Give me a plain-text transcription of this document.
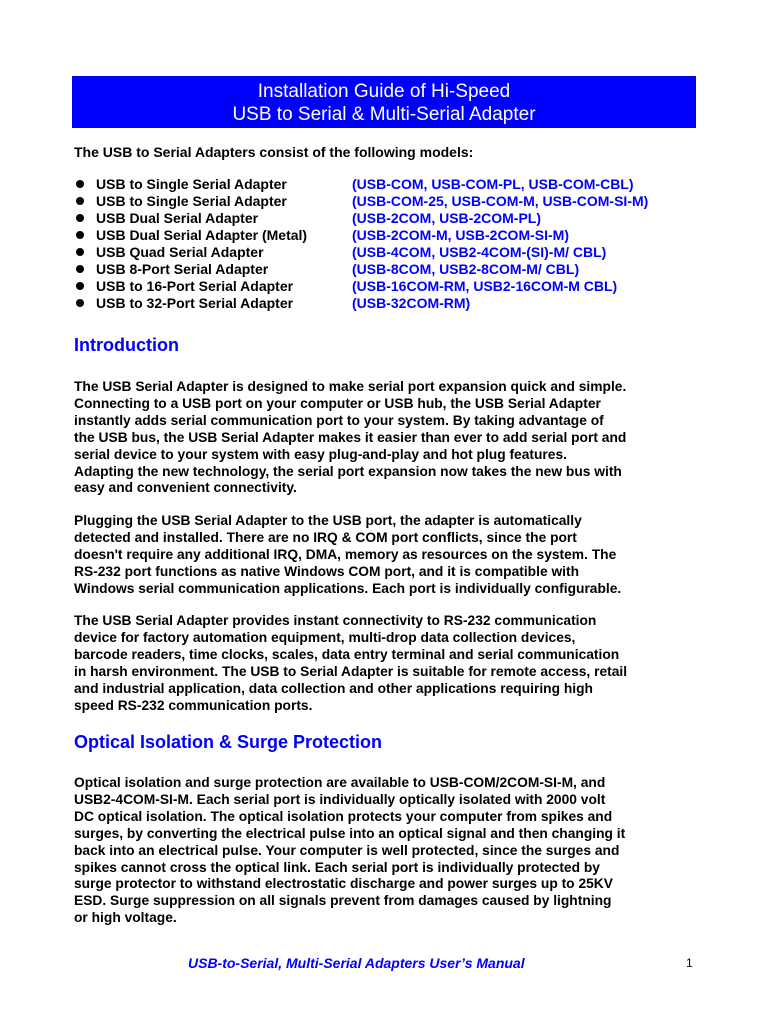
Installation Guide of Hi-Speed
USB to Serial & Multi-Serial Adapter
The USB to Serial Adapters consist of the following models:
USB to Single Serial Adapter	(USB-COM, USB-COM-PL, USB-COM-CBL)
USB to Single Serial Adapter	(USB-COM-25, USB-COM-M, USB-COM-SI-M)
USB Dual Serial Adapter	(USB-2COM, USB-2COM-PL)
USB Dual Serial Adapter (Metal)	(USB-2COM-M, USB-2COM-SI-M)
USB Quad Serial Adapter	(USB-4COM, USB2-4COM-(SI)-M/ CBL)
USB 8-Port Serial Adapter	(USB-8COM, USB2-8COM-M/ CBL)
USB to 16-Port Serial Adapter	(USB-16COM-RM, USB2-16COM-M CBL)
USB to 32-Port Serial Adapter	(USB-32COM-RM)
Introduction

The USB Serial Adapter is designed to make serial port expansion quick and simple.
Connecting to a USB port on your computer or USB hub, the USB Serial Adapter
instantly adds serial communication port to your system. By taking advantage of
the USB bus, the USB Serial Adapter makes it easier than ever to add serial port and
serial device to your system with easy plug-and-play and hot plug features.
Adapting the new technology, the serial port expansion now takes the new bus with
easy and convenient connectivity.

Plugging the USB Serial Adapter to the USB port, the adapter is automatically
detected and installed. There are no IRQ & COM port conflicts, since the port
doesn't require any additional IRQ, DMA, memory as resources on the system. The
RS-232 port functions as native Windows COM port, and it is compatible with
Windows serial communication applications. Each port is individually configurable.

The USB Serial Adapter provides instant connectivity to RS-232 communication
device for factory automation equipment, multi-drop data collection devices,
barcode readers, time clocks, scales, data entry terminal and serial communication
in harsh environment. The USB to Serial Adapter is suitable for remote access, retail
and industrial application, data collection and other applications requiring high
speed RS-232 communication ports.

Optical Isolation & Surge Protection

Optical isolation and surge protection are available to USB-COM/2COM-SI-M, and
USB2-4COM-SI-M. Each serial port is individually optically isolated with 2000 volt
DC optical isolation. The optical isolation protects your computer from spikes and
surges, by converting the electrical pulse into an optical signal and then changing it
back into an electrical pulse. Your computer is well protected, since the surges and
spikes cannot cross the optical link. Each serial port is individually protected by
surge protector to withstand electrostatic discharge and power surges up to 25KV
ESD. Surge suppression on all signals prevent from damages caused by lightning
or high voltage.

USB-to-Serial, Multi-Serial Adapters User’s Manual	1
